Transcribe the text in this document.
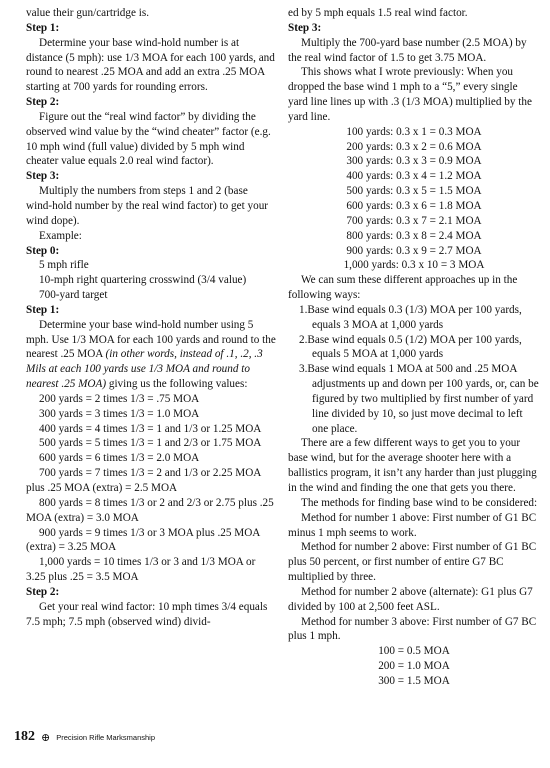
value their gun/cartridge is.

Step 1:

Determine your base wind-hold number is at distance (5 mph): use 1/3 MOA for each 100 yards, and round to nearest .25 MOA and add an extra .25 MOA starting at 700 yards for rounding errors.

Step 2:

Figure out the “real wind factor” by dividing the observed wind value by the “wind cheater” factor (e.g. 10 mph wind (full value) divided by 5 mph wind cheater value equals 2.0 real wind factor).

Step 3:

Multiply the numbers from steps 1 and 2 (base wind-hold number by the real wind factor) to get your wind dope).

Example:

Step 0:

5 mph rifle

10-mph right quartering crosswind (3/4 value)

700-yard target

Step 1:

Determine your base wind-hold number using 5 mph. Use 1/3 MOA for each 100 yards and round to the nearest .25 MOA (in other words, instead of .1, .2, .3 Mils at each 100 yards use 1/3 MOA and round to nearest .25 MOA) giving us the following values:

200 yards = 2 times 1/3 = .75 MOA

300 yards = 3 times 1/3 = 1.0 MOA

400 yards = 4 times 1/3 = 1 and 1/3 or 1.25 MOA

500 yards = 5 times 1/3 = 1 and 2/3 or 1.75 MOA

600 yards = 6 times 1/3 = 2.0 MOA

700 yards = 7 times 1/3 = 2 and 1/3 or 2.25 MOA plus .25 MOA (extra) = 2.5 MOA

800 yards = 8 times 1/3 or 2 and 2/3 or 2.75 plus .25 MOA (extra) = 3.0 MOA

900 yards = 9 times 1/3 or 3 MOA plus .25 MOA (extra) = 3.25 MOA

1,000 yards = 10 times 1/3 or 3 and 1/3 MOA or 3.25 plus .25 = 3.5 MOA

Step 2:

Get your real wind factor: 10 mph times 3/4 equals 7.5 mph; 7.5 mph (observed wind) divid-

ed by 5 mph equals 1.5 real wind factor.

Step 3:

Multiply the 700-yard base number (2.5 MOA) by the real wind factor of 1.5 to get 3.75 MOA.

This shows what I wrote previously: When you dropped the base wind 1 mph to a “5,” every single yard line lines up with .3 (1/3 MOA) multiplied by the yard line.

100 yards: 0.3 x 1 = 0.3 MOA

200 yards: 0.3 x 2 = 0.6 MOA

300 yards: 0.3 x 3 = 0.9 MOA

400 yards: 0.3 x 4 = 1.2 MOA

500 yards: 0.3 x 5 = 1.5 MOA

600 yards: 0.3 x 6 = 1.8 MOA

700 yards: 0.3 x 7 = 2.1 MOA

800 yards: 0.3 x 8 = 2.4 MOA

900 yards: 0.3 x 9 = 2.7 MOA

1,000 yards: 0.3 x 10 = 3 MOA

We can sum these different approaches up in the following ways:

1.Base wind equals 0.3 (1/3) MOA per 100 yards, equals 3 MOA at 1,000 yards

2.Base wind equals 0.5 (1/2) MOA per 100 yards, equals 5 MOA at 1,000 yards

3.Base wind equals 1 MOA at 500 and .25 MOA adjustments up and down per 100 yards, or, can be figured by two multiplied by first number of yard line divided by 10, so just move decimal to left one place.

There are a few different ways to get you to your base wind, but for the average shooter here with a ballistics program, it isn’t any harder than just plugging in the wind and finding the one that gets you there.

The methods for finding base wind to be considered:

Method for number 1 above: First number of G1 BC minus 1 mph seems to work.

Method for number 2 above: First number of G1 BC plus 50 percent, or first number of entire G7 BC multiplied by three.

Method for number 2 above (alternate): G1 plus G7 divided by 100 at 2,500 feet ASL.

Method for number 3 above: First number of G7 BC plus 1 mph.

100 = 0.5 MOA

200 = 1.0 MOA

300 = 1.5 MOA

182 ⊕ Precision Rifle Marksmanship
